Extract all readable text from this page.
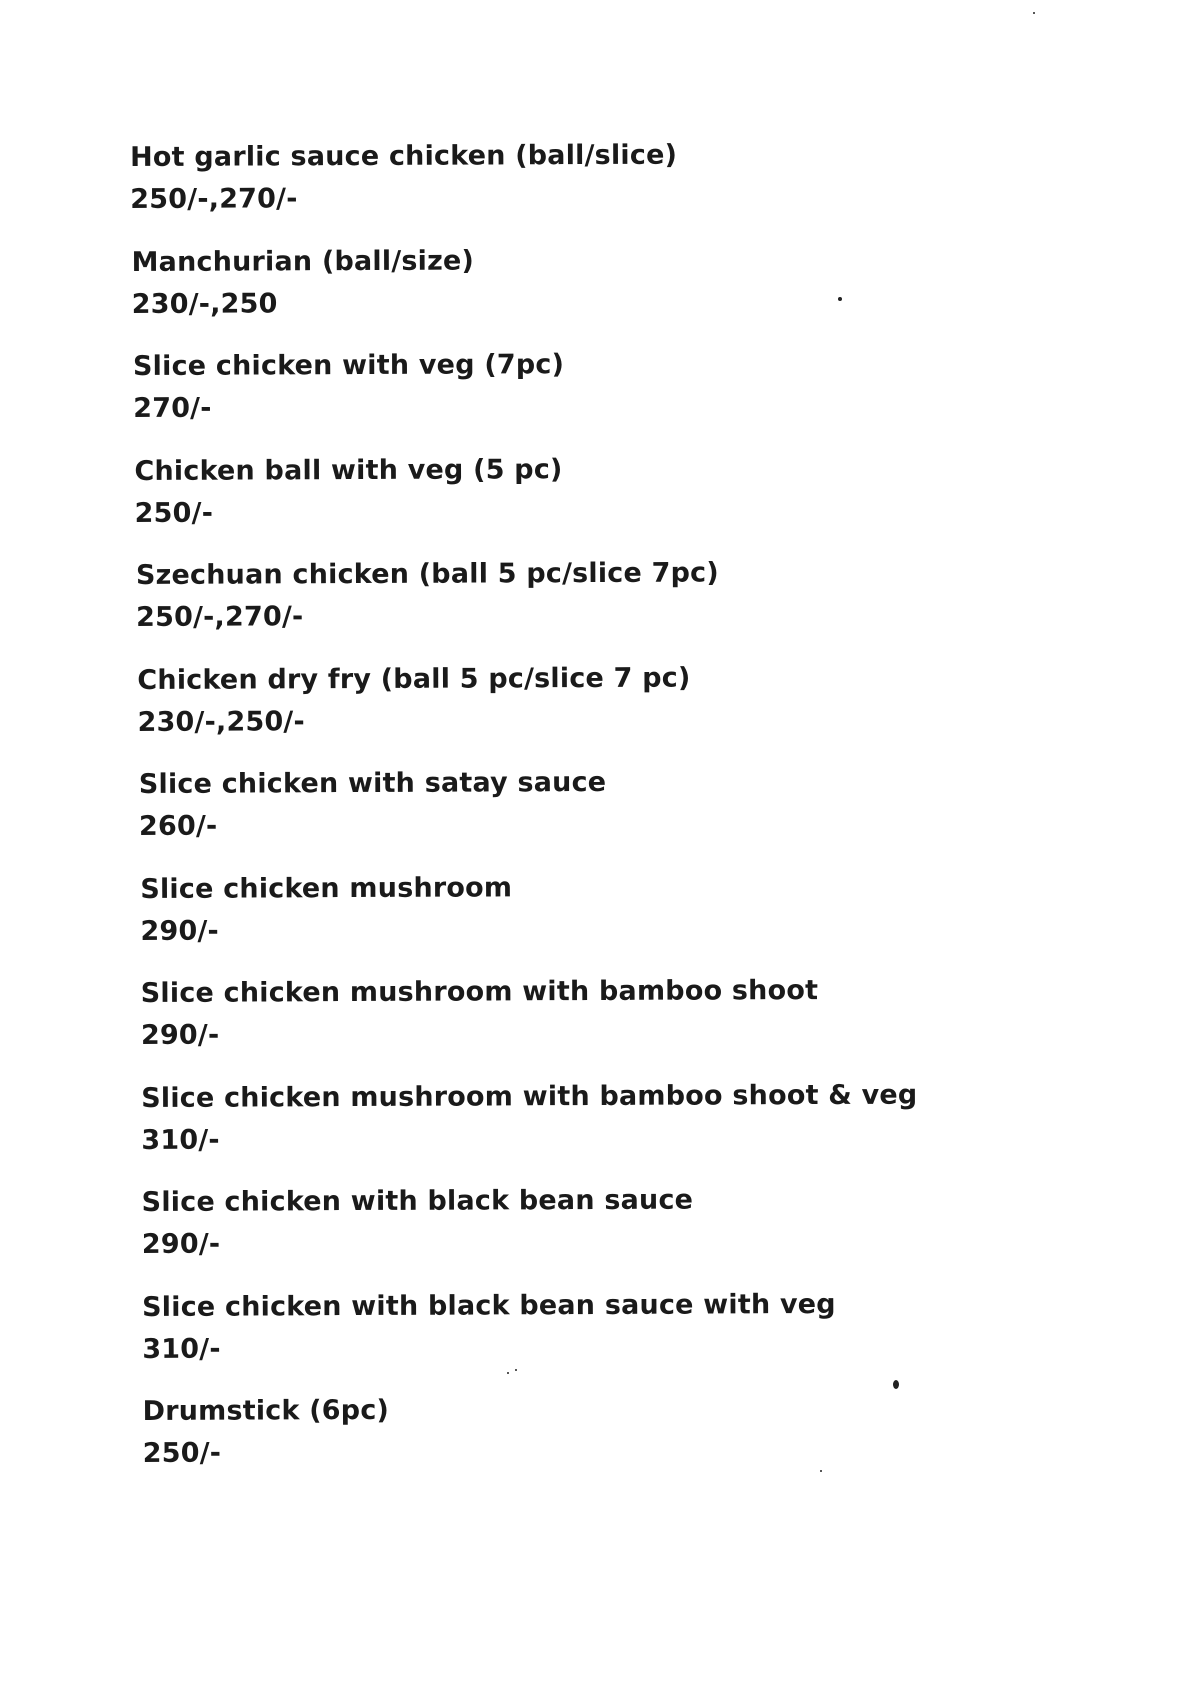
Hot garlic sauce chicken (ball/slice)
250/-,270/-
Manchurian (ball/size)
230/-,250
Slice chicken with veg (7pc)
270/-
Chicken ball with veg (5 pc)
250/-
Szechuan chicken (ball 5 pc/slice 7pc)
250/-,270/-
Chicken dry fry (ball 5 pc/slice 7 pc)
230/-,250/-
Slice chicken with satay sauce
260/-
Slice chicken mushroom
290/-
Slice chicken mushroom with bamboo shoot
290/-
Slice chicken mushroom with bamboo shoot & veg
310/-
Slice chicken with black bean sauce
290/-
Slice chicken with black bean sauce with veg
310/-
Drumstick (6pc)
250/-
